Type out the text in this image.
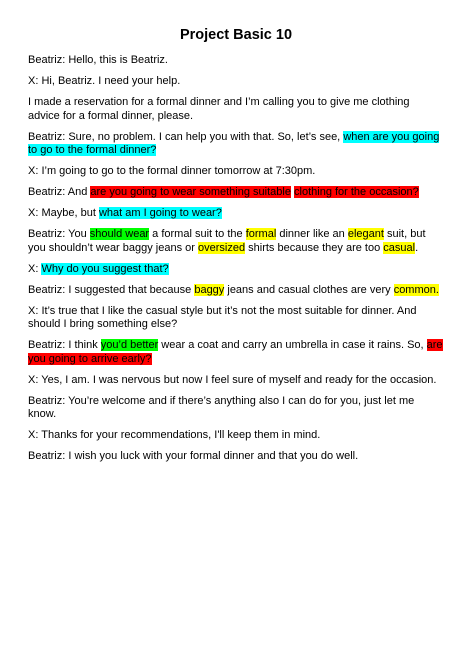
Project Basic 10

Beatriz: Hello, this is Beatriz.

X: Hi, Beatriz. I need your help.

I made a reservation for a formal dinner and I’m calling you to give me clothing advice for a formal dinner, please.

Beatriz: Sure, no problem. I can help you with that. So, let’s see, when are you going to go to the formal dinner?

X: I’m going to go to the formal dinner tomorrow at 7:30pm.

Beatriz: And are you going to wear something suitable clothing for the occasion?

X: Maybe, but what am I going to wear?

Beatriz: You should wear a formal suit to the formal dinner like an elegant suit, but you shouldn’t wear baggy jeans or oversized shirts because they are too casual.

X: Why do you suggest that?

Beatriz: I suggested that because baggy jeans and casual clothes are very common.

X: It’s true that I like the casual style but it’s not the most suitable for dinner. And should I bring something else?

Beatriz: I think you’d better wear a coat and carry an umbrella in case it rains. So, are you going to arrive early?

X: Yes, I am. I was nervous but now I feel sure of myself and ready for the occasion.

Beatriz: You’re welcome and if there’s anything also I can do for you, just let me know.

X: Thanks for your recommendations, I'll keep them in mind.

Beatriz: I wish you luck with your formal dinner and that you do well.
